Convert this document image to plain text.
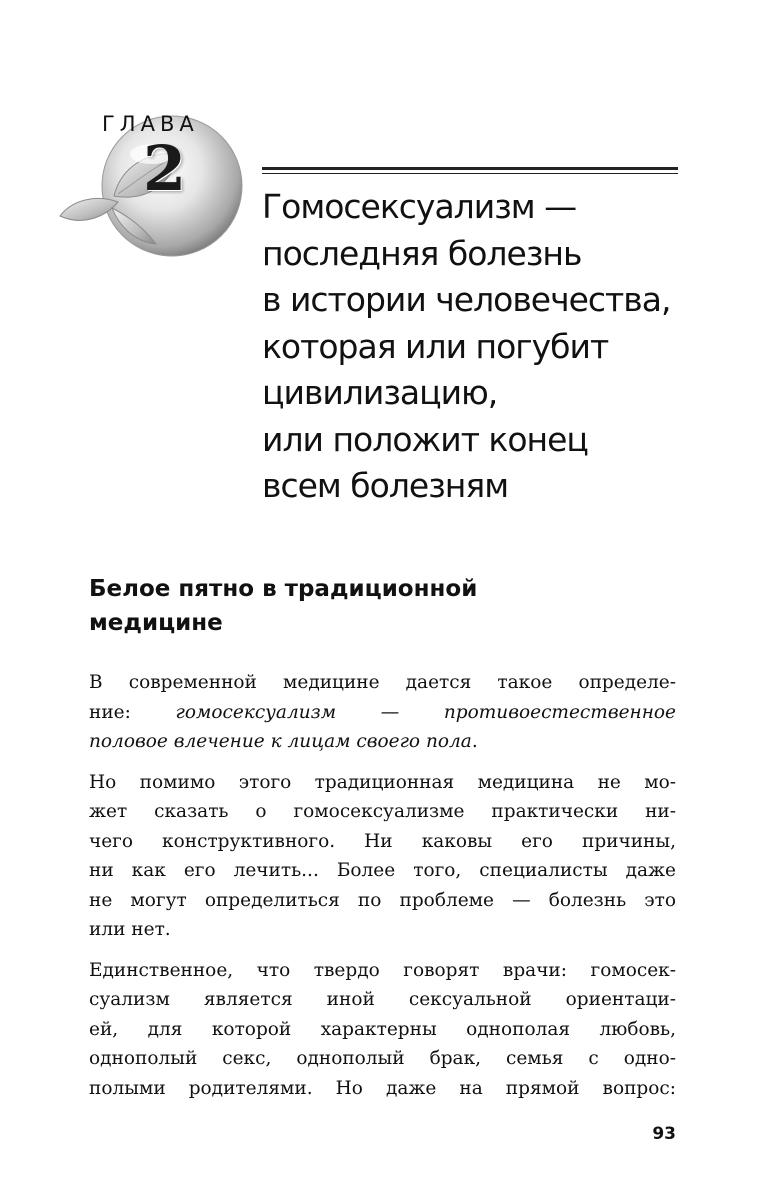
ГЛАВА
2
Гомосексуализм —
последняя болезнь
в истории человечества,
которая или погубит
цивилизацию,
или положит конец
всем болезням
Белое пятно в традиционной
медицине
В современной медицине дается такое определе-
ние: гомосексуализм — противоестественное
половое влечение к лицам своего пола.
Но помимо этого традиционная медицина не мо-
жет сказать о гомосексуализме практически ни-
чего конструктивного. Ни каковы его причины,
ни как его лечить... Более того, специалисты даже
не могут определиться по проблеме — болезнь это
или нет.
Единственное, что твердо говорят врачи: гомосек-
суализм является иной сексуальной ориентаци-
ей, для которой характерны однополая любовь,
однополый секс, однополый брак, семья с одно-
полыми родителями. Но даже на прямой вопрос:
93
